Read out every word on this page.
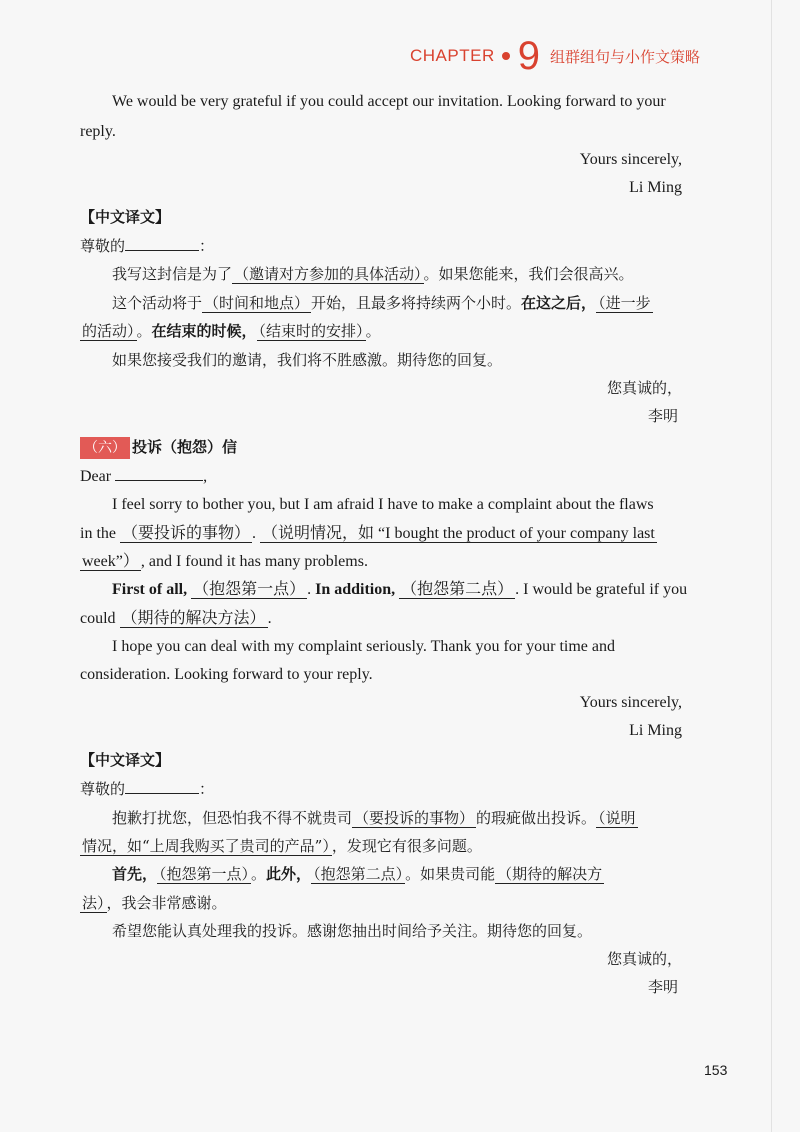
CHAPTER 9 组群组句与小作文策略
We would be very grateful if you could accept our invitation. Looking forward to your
reply.
Yours sincerely,
Li Ming
【中文译文】
尊敬的	：
我写这封信是为了 （邀请对方参加的具体活动） 。如果您能来，我们会很高兴。
这个活动将于 （时间和地点） 开始，且最多将持续两个小时。在这之后， （进一步
的活动） 。在结束的时候， （结束时的安排） 。
如果您接受我们的邀请，我们将不胜感激。期待您的回复。
您真诚的，
李明
（六） 投诉（抱怨）信
Dear	,
I feel sorry to bother you, but I am afraid I have to make a complaint about the flaws
in the （要投诉的事物） . （说明情况，如 “I bought the product of your company last
week”） , and I found it has many problems.
First of all, （抱怨第一点） . In addition, （抱怨第二点） . I would be grateful if you
could （期待的解决方法） .
I hope you can deal with my complaint seriously. Thank you for your time and
consideration. Looking forward to your reply.
Yours sincerely,
Li Ming
【中文译文】
尊敬的	：
抱歉打扰您，但恐怕我不得不就贵司 （要投诉的事物） 的瑕疵做出投诉。 （说明
情况，如“上周我购买了贵司的产品”） ，发现它有很多问题。
首先， （抱怨第一点） 。此外， （抱怨第二点） 。如果贵司能 （期待的解决方
法） ，我会非常感谢。
希望您能认真处理我的投诉。感谢您抽出时间给予关注。期待您的回复。
您真诚的，
李明
153
